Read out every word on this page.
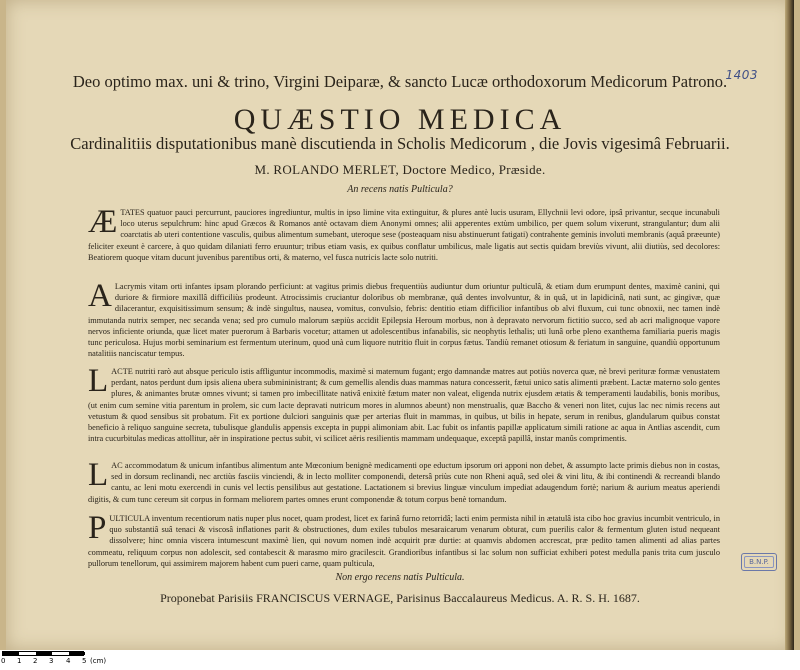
1403
Deo optimo max. uni & trino, Virgini Deiparæ, & sancto Lucæ orthodoxorum Medicorum Patrono.
QUÆSTIO MEDICA
Cardinalitiis disputationibus manè discutienda in Scholis Medicorum , die Jovis vigesimâ Februarii.
M. ROLANDO MERLET, Doctore Medico, Præside.
An recens natis Pulticula?
Æ TATES quatuor pauci percurrunt, pauciores ingrediuntur, multis in ipso limine vita extinguitur, & plures antè lucis usuram, Ellychnii levi odore, ipsâ privantur, secque incunabuli loco uterus sepulchrum: hinc apud Græcos & Romanos antè octavam diem Anonymi omnes; alii apperentes extùm umbilico, per quem solum vixerunt, strangulantur; dum alii coarctatis ab uteri contentione vasculis, quibus alimentum sumebant, uteroque sese (posteaquam nisu abstinuerunt fatigati) contrahente geminis involuti membranis (aquâ præeunte) feliciter exeunt è carcere, à quo quidam dilaniati ferro eruuntur; tribus etiam vasis, ex quibus conflatur umbilicus, male ligatis aut sectis quidam breviùs vivunt, alii diutiùs, sed decolores: Beatiorem quoque vitam ducunt juvenibus parentibus orti, & materno, vel fusca nutricis lacte solo nutriti.
A Lacrymis vitam orti infantes ipsam plorando perficiunt: at vagitus primis diebus frequentiùs audiuntur dum oriuntur pulticulâ, & etiam dum erumpunt dentes, maximè canini, qui duriore & firmiore maxillâ difficiliùs prodeunt. Atrocissimis cruciantur doloribus ob membranæ, quâ dentes involvuntur, & in quâ, ut in lapidicinâ, nati sunt, ac gingivæ, quæ dilacerantur, exquisitissimum sensum; & indè singultus, nausea, vomitus, convulsio, febris: dentitio etiam difficilior infantibus ob alvi fluxum, cui tunc obnoxii, nec tamen indè immutanda nutrix semper, nec secanda vena; sed pro cumulo malorum sæpiùs accidit Epilepsia Heroum morbus, non à depravato nervorum fictitio succo, sed ab acri malignoque vapore nervos inficiente oriunda, quæ licet mater puerorum à Barbaris vocetur; attamen ut adolescentibus infanabilis, sic neophytis lethalis; uti lunâ orbe pleno exanthema familiaria pueris magis tunc periculosa. Hujus morbi seminarium est fermentum uterinum, quod unà cum liquore nutritio fluit in corpus fætus. Tandiù remanet otiosum & feriatum in sanguine, quandiù opportunum natalitiis nanciscatur tempus.
L ACTE nutriti rarò aut absque periculo istis affliguntur incommodis, maximè si maternum fugant; ergo damnandæ matres aut potiùs noverca quæ, nè brevi perituræ formæ venustatem perdant, natos perdunt dum ipsis aliena ubera submininistrant; & cum gemellis alendis duas mammas natura concesserit, fætui unico satis alimenti præbent. Lactæ materno solo gentes plures, & animantes brutæ omnes vivunt; si tamen pro imbecillitate nativâ enixitè fætum mater non valeat, eligenda nutrix ejusdem ætatis & temperamenti laudabilis, bonis moribus, (ut enim cum semine vitia parentum in prolem, sic cum lacte depravati nutricum mores in alumnos abeunt) non menstrualis, quæ Baccho & veneri non litet, cujus lac nec nimis recens aut vetustum & quod sensibus sit probatum. Fit ex portione dulciori sanguinis quæ per arterias fluit in mammas, in quibus, ut bilis in hepate, serum in renibus, glandularum quibus constat beneficio à reliquo sanguine secreta, tubulisque glandulis appensis excepta in puppi alimoniam abit. Lac fubit os infantis papillæ applicatum simili ratione ac aqua in Antlias ascendit, cum intra cucurbitulas medicas attollitur, aër in inspiratione pectus subit, vi scilicet aëris resilientis mammam undequaque, exceptâ papillâ, instar manûs comprimentis.
L AC accommodatum & unicum infantibus alimentum ante Mœconium benignè medicamenti ope eductum ipsorum ori apponi non debet, & assumpto lacte primis diebus non in costas, sed in dorsum reclinandi, nec arctiùs fasciis vinciendi, & in lecto molliter componendi, detersâ priùs cute non Rheni aquâ, sed olei & vini litu, & ibi continendi & recreandi blando cantu, ac leni motu exercendi in cunis vel lectis pensilibus aut gestatione. Lactationem si brevius linguæ vinculum impediat adaugendum fortè; narium & aurium meatus aperiendi digitis, & cum tunc cereum sit corpus in formam meliorem partes omnes erunt componendæ & totum corpus benè tornandum.
P ULTICULA inventum recentiorum natis nuper plus nocet, quam prodest, licet ex farinâ furno retorridâ; lacti enim permista nihil in ætatulâ ista cibo hoc gravius incumbit ventriculo, in quo substantiâ suâ tenaci & viscosâ inflationes parit & obstructiones, dum exiles tubulos mesaraicarum venarum obturat, cum puerilis calor & fermentum gluten istud nequeant dissolvere; hinc omnia viscera intumescunt maximè lien, qui novum nomen indè acquirit præ durtie: at quamvis abdomen accrescat, præ pedito tamen alimenti ad alias partes commeatu, reliquum corpus non adolescit, sed contabescit & marasmo miro gracilescit. Grandioribus infantibus si lac solum non sufficiat exhiberi potest medulla panis trita cum jusculo pullorum tenellorum, qui assimirem majorem habent cum pueri carne, quam pulticula,
Non ergo recens natis Pulticula.
Proponebat Parisiis FRANCISCUS VERNAGE, Parisinus Baccalaureus Medicus. A. R. S. H. 1687.
B.N.P.
0 1 2 3 4 5 (cm)
